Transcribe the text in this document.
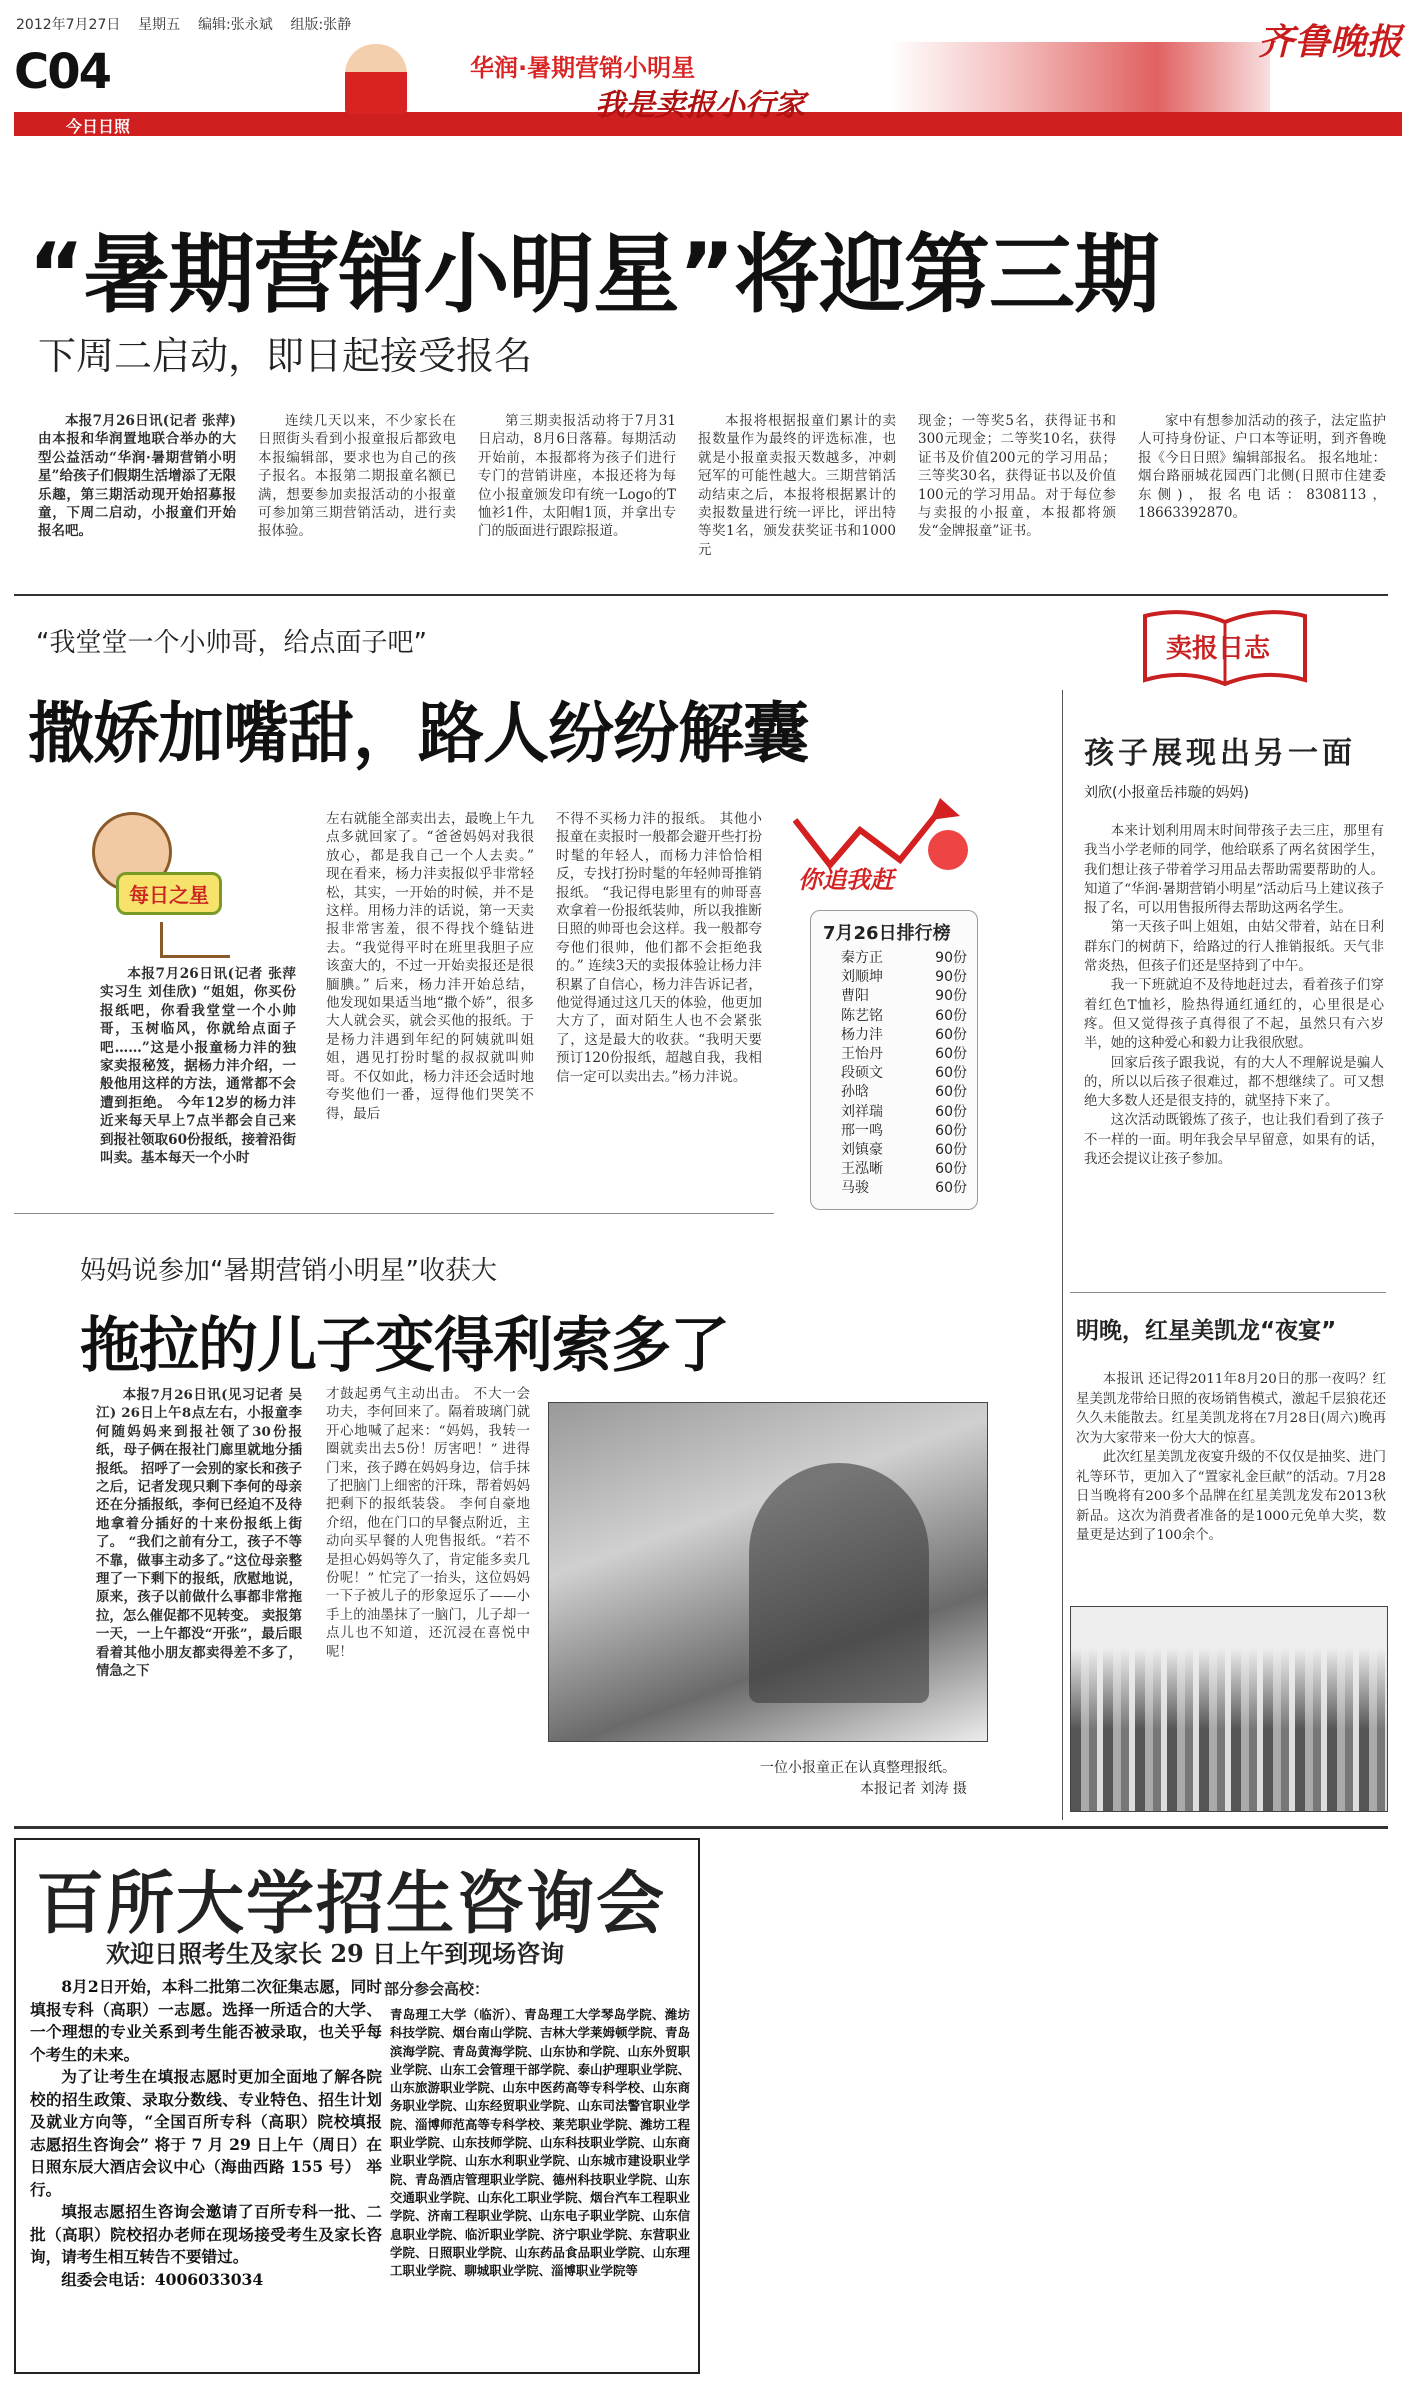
2012年7月27日 星期五 编辑:张永斌 组版:张静
C04
今日日照
华润·暑期营销小明星
我是卖报小行家
齐鲁晚报
“暑期营销小明星”将迎第三期
下周二启动，即日起接受报名

本报7月26日讯(记者 张萍) 由本报和华润置地联合举办的大型公益活动“华润·暑期营销小明星”给孩子们假期生活增添了无限乐趣，第三期活动现开始招募报童，下周二启动，小报童们开始报名吧。

连续几天以来，不少家长在日照街头看到小报童报后都致电本报编辑部，要求也为自己的孩子报名。本报第二期报童名额已满，想要参加卖报活动的小报童可参加第三期营销活动，进行卖报体验。

第三期卖报活动将于7月31日启动，8月6日落幕。每期活动开始前，本报都将为孩子们进行专门的营销讲座，本报还将为每位小报童颁发印有统一Logo的T恤衫1件，太阳帽1顶，并拿出专门的版面进行跟踪报道。

本报将根据报童们累计的卖报数量作为最终的评选标准，也就是小报童卖报天数越多，冲刺冠军的可能性越大。三期营销活动结束之后，本报将根据累计的卖报数量进行统一评比，评出特等奖1名，颁发获奖证书和1000元

现金；一等奖5名，获得证书和300元现金；二等奖10名，获得证书及价值200元的学习用品；三等奖30名，获得证书以及价值100元的学习用品。对于每位参与卖报的小报童，本报都将颁发“金牌报童”证书。

家中有想参加活动的孩子，法定监护人可持身份证、户口本等证明，到齐鲁晚报《今日日照》编辑部报名。 报名地址：烟台路丽城花园西门北侧(日照市住建委东侧)，报名电话：8308113，18663392870。

“我堂堂一个小帅哥，给点面子吧”
撒娇加嘴甜，路人纷纷解囊
每日之星

本报7月26日讯(记者 张萍 实习生 刘佳欣) “姐姐，你买份报纸吧，你看我堂堂一个小帅哥，玉树临风，你就给点面子吧……”这是小报童杨力沣的独家卖报秘笈，据杨力沣介绍，一般他用这样的方法，通常都不会遭到拒绝。 今年12岁的杨力沣近来每天早上7点半都会自己来到报社领取60份报纸，接着沿街叫卖。基本每天一个小时

左右就能全部卖出去，最晚上午九点多就回家了。“爸爸妈妈对我很放心，都是我自己一个人去卖。” 现在看来，杨力沣卖报似乎非常轻松，其实，一开始的时候，并不是这样。用杨力沣的话说，第一天卖报非常害羞，很不得找个缝钻进去。“我觉得平时在班里我胆子应该蛮大的，不过一开始卖报还是很腼腆。” 后来，杨力沣开始总结，他发现如果适当地“撒个娇”，很多大人就会买，就会买他的报纸。于是杨力沣遇到年纪的阿姨就叫姐姐，遇见打扮时髦的叔叔就叫帅哥。不仅如此，杨力沣还会适时地夸奖他们一番，逗得他们哭笑不得，最后

不得不买杨力沣的报纸。 其他小报童在卖报时一般都会避开些打扮时髦的年轻人，而杨力沣恰恰相反，专找打扮时髦的年轻帅哥推销报纸。 “我记得电影里有的帅哥喜欢拿着一份报纸装帅，所以我推断日照的帅哥也会这样。我一般都夸夸他们很帅，他们都不会拒绝我的。” 连续3天的卖报体验让杨力沣积累了自信心，杨力沣告诉记者，他觉得通过这几天的体验，他更加大方了，面对陌生人也不会紧张了，这是最大的收获。“我明天要预订120份报纸，超越自我，我相信一定可以卖出去。”杨力沣说。

你追我赶
7月26日排行榜
秦方正	90份
刘顺坤	90份
曹阳	90份
陈艺铭	60份
杨力沣	60份
王怡丹	60份
段硕文	60份
孙晗	60份
刘祥瑞	60份
邢一鸣	60份
刘镇豪	60份
王泓晰	60份
马骏	60份
妈妈说参加“暑期营销小明星”收获大
拖拉的儿子变得利索多了

本报7月26日讯(见习记者 吴江) 26日上午8点左右，小报童李何随妈妈来到报社领了30份报纸，母子俩在报社门廊里就地分插报纸。 招呼了一会别的家长和孩子之后，记者发现只剩下李何的母亲还在分插报纸，李何已经迫不及待地拿着分插好的十来份报纸上街了。 “我们之前有分工，孩子不等不靠，做事主动多了。”这位母亲整理了一下剩下的报纸，欣慰地说，原来，孩子以前做什么事都非常拖拉，怎么催促都不见转变。 卖报第一天，一上午都没“开张”，最后眼看着其他小朋友都卖得差不多了，情急之下

才鼓起勇气主动出击。 不大一会功夫，李何回来了。隔着玻璃门就开心地喊了起来：“妈妈，我转一圈就卖出去5份！厉害吧！” 进得门来，孩子蹲在妈妈身边，信手抹了把脑门上细密的汗珠，帮着妈妈把剩下的报纸装袋。 李何自豪地介绍，他在门口的早餐点附近，主动向买早餐的人兜售报纸。“若不是担心妈妈等久了，肯定能多卖几份呢！” 忙完了一抬头，这位妈妈一下子被儿子的形象逗乐了——小手上的油墨抹了一脑门，儿子却一点儿也不知道，还沉浸在喜悦中呢！

一位小报童正在认真整理报纸。
本报记者 刘涛 摄
卖报日志
孩子展现出另一面
刘欣(小报童岳祎璇的妈妈)

本来计划利用周末时间带孩子去三庄，那里有我当小学老师的同学，他给联系了两名贫困学生，我们想让孩子带着学习用品去帮助需要帮助的人。知道了“华润·暑期营销小明星”活动后马上建议孩子报了名，可以用售报所得去帮助这两名学生。

第一天孩子叫上姐姐，由姑父带着，站在日利群东门的树荫下，给路过的行人推销报纸。天气非常炎热，但孩子们还是坚持到了中午。

我一下班就迫不及待地赶过去，看着孩子们穿着红色T恤衫，脸热得通红通红的，心里很是心疼。但又觉得孩子真得很了不起，虽然只有六岁半，她的这种爱心和毅力让我很欣慰。

回家后孩子跟我说，有的大人不理解说是骗人的，所以以后孩子很难过，都不想继续了。可又想绝大多数人还是很支持的，就坚持下来了。

这次活动既锻炼了孩子，也让我们看到了孩子不一样的一面。明年我会早早留意，如果有的话，我还会提议让孩子参加。

明晚，红星美凯龙“夜宴”

本报讯 还记得2011年8月20日的那一夜吗？红星美凯龙带给日照的夜场销售模式，激起千层狼花还久久未能散去。红星美凯龙将在7月28日(周六)晚再次为大家带来一份大大的惊喜。

此次红星美凯龙夜宴升级的不仅仅是抽奖、进门礼等环节，更加入了“置家礼金巨献”的活动。7月28日当晚将有200多个品牌在红星美凯龙发布2013秋新品。这次为消费者准备的是1000元免单大奖，数量更是达到了100余个。

百所大学招生咨询会
欢迎日照考生及家长 29 日上午到现场咨询

8月2日开始，本科二批第二次征集志愿，同时填报专科（高职）一志愿。选择一所适合的大学、一个理想的专业关系到考生能否被录取，也关乎每个考生的未来。

为了让考生在填报志愿时更加全面地了解各院校的招生政策、录取分数线、专业特色、招生计划及就业方向等，“全国百所专科（高职）院校填报志愿招生咨询会” 将于 7 月 29 日上午（周日）在日照东辰大酒店会议中心（海曲西路 155 号） 举行。

填报志愿招生咨询会邀请了百所专科一批、二批（高职）院校招办老师在现场接受考生及家长咨询，请考生相互转告不要错过。

组委会电话：4006033034

部分参会高校：

青岛理工大学（临沂）、青岛理工大学琴岛学院、潍坊科技学院、烟台南山学院、吉林大学莱姆顿学院、青岛滨海学院、青岛黄海学院、山东协和学院、山东外贸职业学院、山东工会管理干部学院、泰山护理职业学院、山东旅游职业学院、山东中医药高等专科学校、山东商务职业学院、山东经贸职业学院、山东司法警官职业学院、淄博师范高等专科学校、莱芜职业学院、潍坊工程职业学院、山东技师学院、山东科技职业学院、山东商业职业学院、山东水利职业学院、山东城市建设职业学院、青岛酒店管理职业学院、德州科技职业学院、山东交通职业学院、山东化工职业学院、烟台汽车工程职业学院、济南工程职业学院、山东电子职业学院、山东信息职业学院、临沂职业学院、济宁职业学院、东营职业学院、日照职业学院、山东药品食品职业学院、山东理工职业学院、聊城职业学院、淄博职业学院等
